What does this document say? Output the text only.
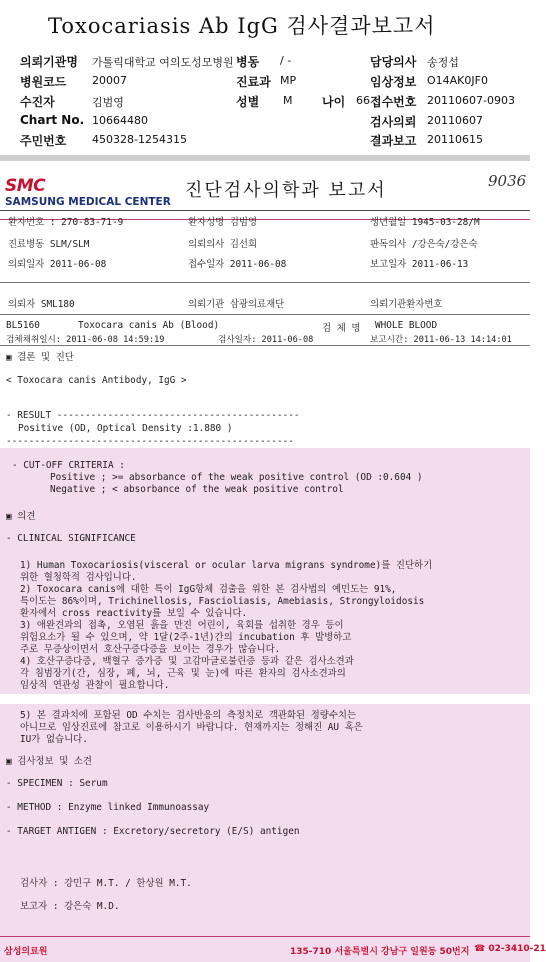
Toxocariasis Ab IgG 검사결과보고서
의뢰기관명 가톨릭대학교 여의도성모병원 병동 / -	담당의사 송정섭
병원코드 20007	진료과 MP	임상정보 O14AK0JF0
수진자	김범영	성별 M 나이 66 접수번호 20110607-0903
Chart No. 10664480	검사의뢰 20110607
주민번호 450328-1254315	결과보고 20110615
SMC
SAMSUNG MEDICAL CENTER
진단검사의학과 보고서	9036
환자번호 : 270-83-71-9	환자성명 김범영	생년월일 1945-03-28/M
진료병동 SLM/SLM	의뢰의사 김선희	판독의사 /강은숙/강은숙
의뢰일자 2011-06-08	접수일자 2011-06-08	보고일자 2011-06-13
의뢰자 SML180	의뢰기관 삼광의료재단	의뢰기관환자번호
BL5160	Toxocara canis Ab (Blood)	검 체 명 WHOLE BLOOD
검체채취일시: 2011-06-08 14:59:19	검사일자: 2011-06-08	보고시간: 2011-06-13 14:14:01
▣ 결론 및 진단
< Toxocara canis Antibody, IgG >
- RESULT -------------------------------------------
Positive (OD, Optical Density :1.880 )
---------------------------------------------------
- CUT-OFF CRITERIA :
Positive ; >= absorbance of the weak positive control (OD :0.604 )
Negative ; < absorbance of the weak positive control
▣ 의견
- CLINICAL SIGNIFICANCE
1) Human Toxocariosis(visceral or ocular larva migrans syndrome)를 진단하기
위한 혈청학적 검사입니다.
2) Toxocara canis에 대한 특이 IgG항체 검출을 위한 본 검사법의 예민도는 91%,
특이도는 86%이며, Trichinellosis, Fascioliasis, Amebiasis, Strongyloidosis
환자에서 cross reactivity를 보일 수 있습니다.
3) 애완견과의 접촉, 오염된 흙을 만진 어린이, 육회를 섭취한 경우 등이
위험요소가 될 수 있으며, 약 1달(2주-1년)간의 incubation 후 발병하고
주로 무증상이면서 호산구증다증을 보이는 경우가 많습니다.
4) 호산구증다증, 백혈구 증가증 및 고감마글로불린증 등과 같은 검사소견과
각 침범장기(간, 심장, 폐, 뇌, 근육 및 눈)에 따른 환자의 검사소견과의
임상적 연관성 관찰이 필요합니다.
5) 본 결과치에 포함된 OD 수치는 검사반응의 측정치로 객관화된 정량수치는
아니므로 임상진료에 참고로 이용하시기 바랍니다. 현재까지는 정해진 AU 혹은
IU가 없습니다.
▣ 검사정보 및 소견
- SPECIMEN : Serum
- METHOD : Enzyme linked Immunoassay
- TARGET ANTIGEN : Excretory/secretory (E/S) antigen
검사자 : 강민구 M.T. / 한상원 M.T.
보고자 : 강은숙 M.D.
삼성의료원	135-710 서울특별시 강남구 일원동 50번지 ☎ 02-3410-21
